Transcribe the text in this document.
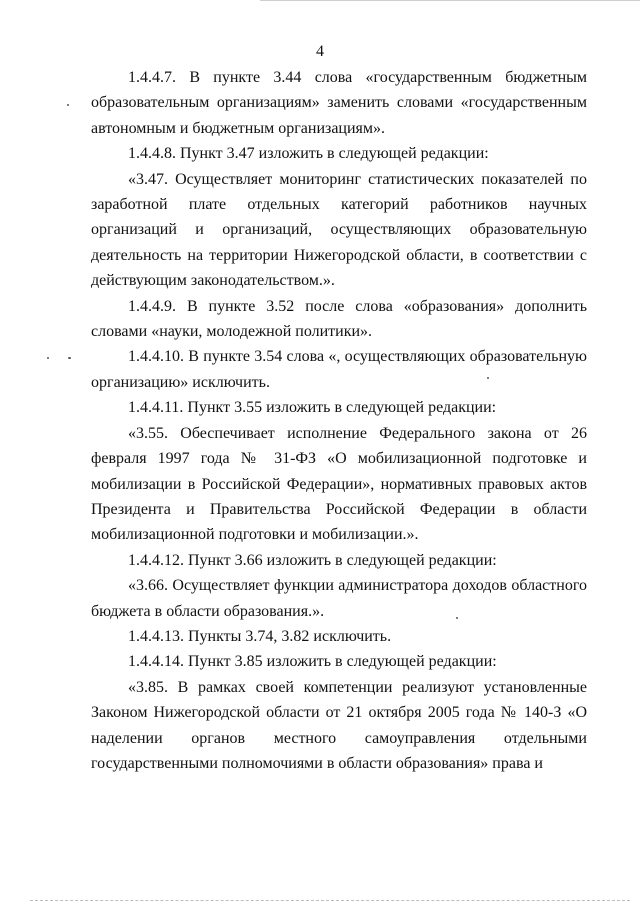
4

1.4.4.7. В пункте 3.44 слова «государственным бюджетным образовательным организациям» заменить словами «государственным автономным и бюджетным организациям».

1.4.4.8. Пункт 3.47 изложить в следующей редакции:

«3.47. Осуществляет мониторинг статистических показателей по заработной плате отдельных категорий работников научных организаций и организаций, осуществляющих образовательную деятельность на территории Нижегородской области, в соответствии с действующим законодательством.».

1.4.4.9. В пункте 3.52 после слова «образования» дополнить словами «науки, молодежной политики».

1.4.4.10. В пункте 3.54 слова «, осуществляющих образовательную организацию» исключить.

1.4.4.11. Пункт 3.55 изложить в следующей редакции:

«3.55. Обеспечивает исполнение Федерального закона от 26 февраля 1997 года № 31-ФЗ «О мобилизационной подготовке и мобилизации в Российской Федерации», нормативных правовых актов Президента и Правительства Российской Федерации в области мобилизационной подготовки и мобилизации.».

1.4.4.12. Пункт 3.66 изложить в следующей редакции:

«3.66. Осуществляет функции администратора доходов областного бюджета в области образования.».

1.4.4.13. Пункты 3.74, 3.82 исключить.

1.4.4.14. Пункт 3.85 изложить в следующей редакции:

«3.85. В рамках своей компетенции реализуют установленные Законом Нижегородской области от 21 октября 2005 года № 140-З «О наделении органов местного самоуправления отдельными государственными полномочиями в области образования» права и
